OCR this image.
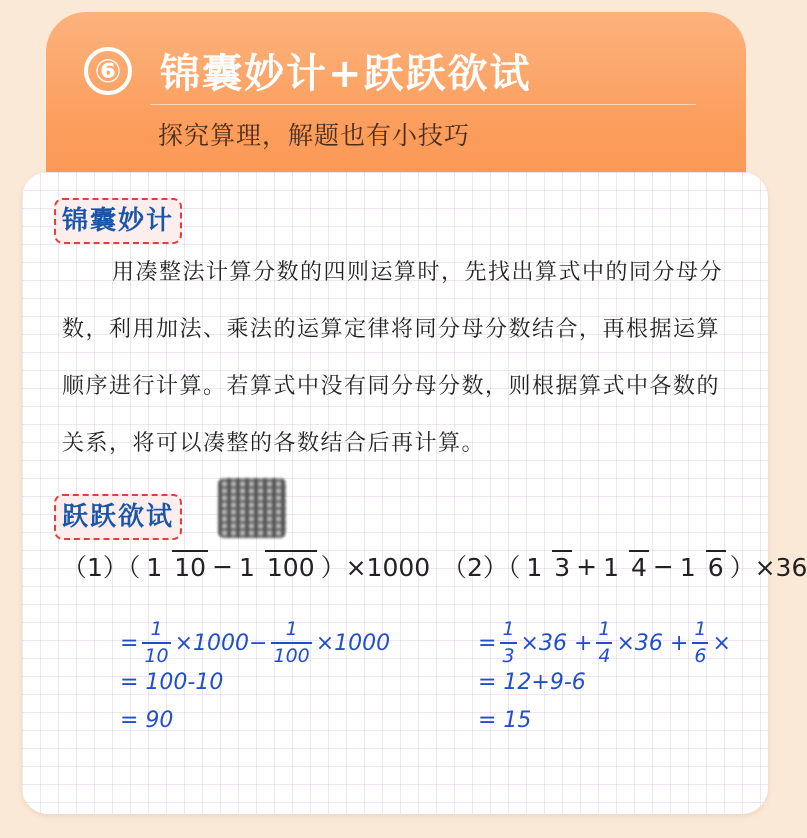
⑥ 锦囊妙计+跃跃欲试
探究算理，解题也有小技巧
锦囊妙计
用凑整法计算分数的四则运算时，先找出算式中的同分母分
数，利用加法、乘法的运算定律将同分母分数结合，再根据运算
顺序进行计算。若算式中没有同分母分数，则根据算式中各数的
关系，将可以凑整的各数结合后再计算。
跃跃欲试
（1）（ 1 10 − 1 100 ）×1000 （2）（ 1 3 + 1 4 − 1 6 ）×36
= $\frac{1}{10} \times 1000- \frac{1}{100} \times 1000$
= 100-10
= 90
= $\frac{1}{3} \times 36 + \frac{1}{4} \times 36 + \frac{1}{6}$ ×
= 12+9-6
= 15
